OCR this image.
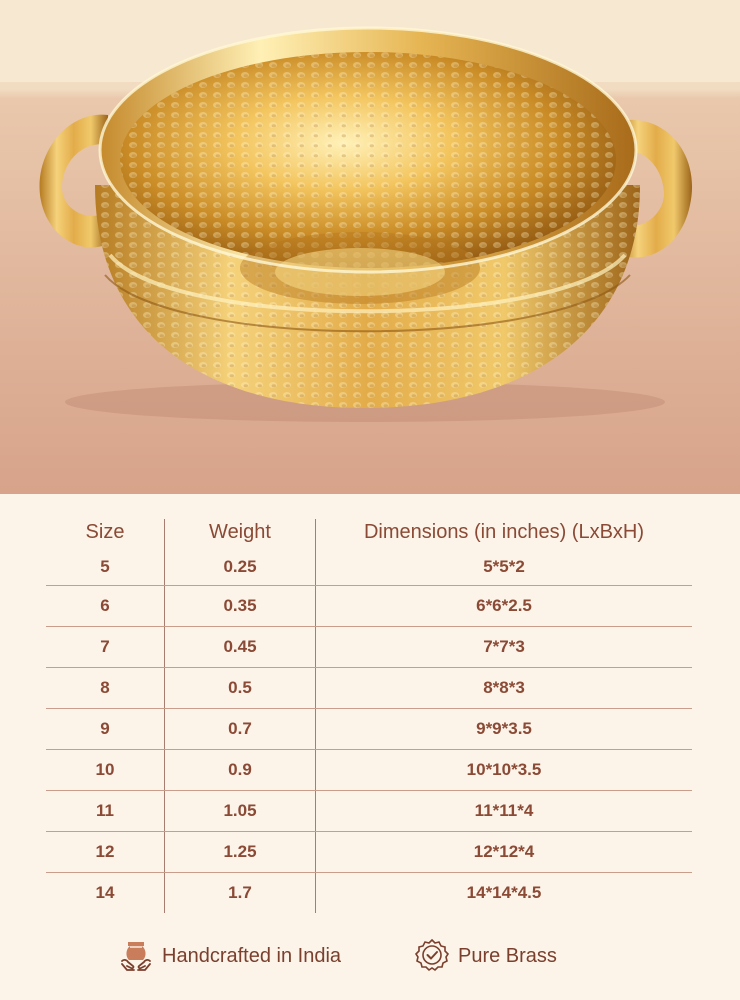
Size	Weight	Dimensions (in inches) (LxBxH)
5	0.25	5*5*2
6	0.35	6*6*2.5
7	0.45	7*7*3
8	0.5	8*8*3
9	0.7	9*9*3.5
10	0.9	10*10*3.5
11	1.05	11*11*4
12	1.25	12*12*4
14	1.7	14*14*4.5
Handcrafted in India	Pure Brass
